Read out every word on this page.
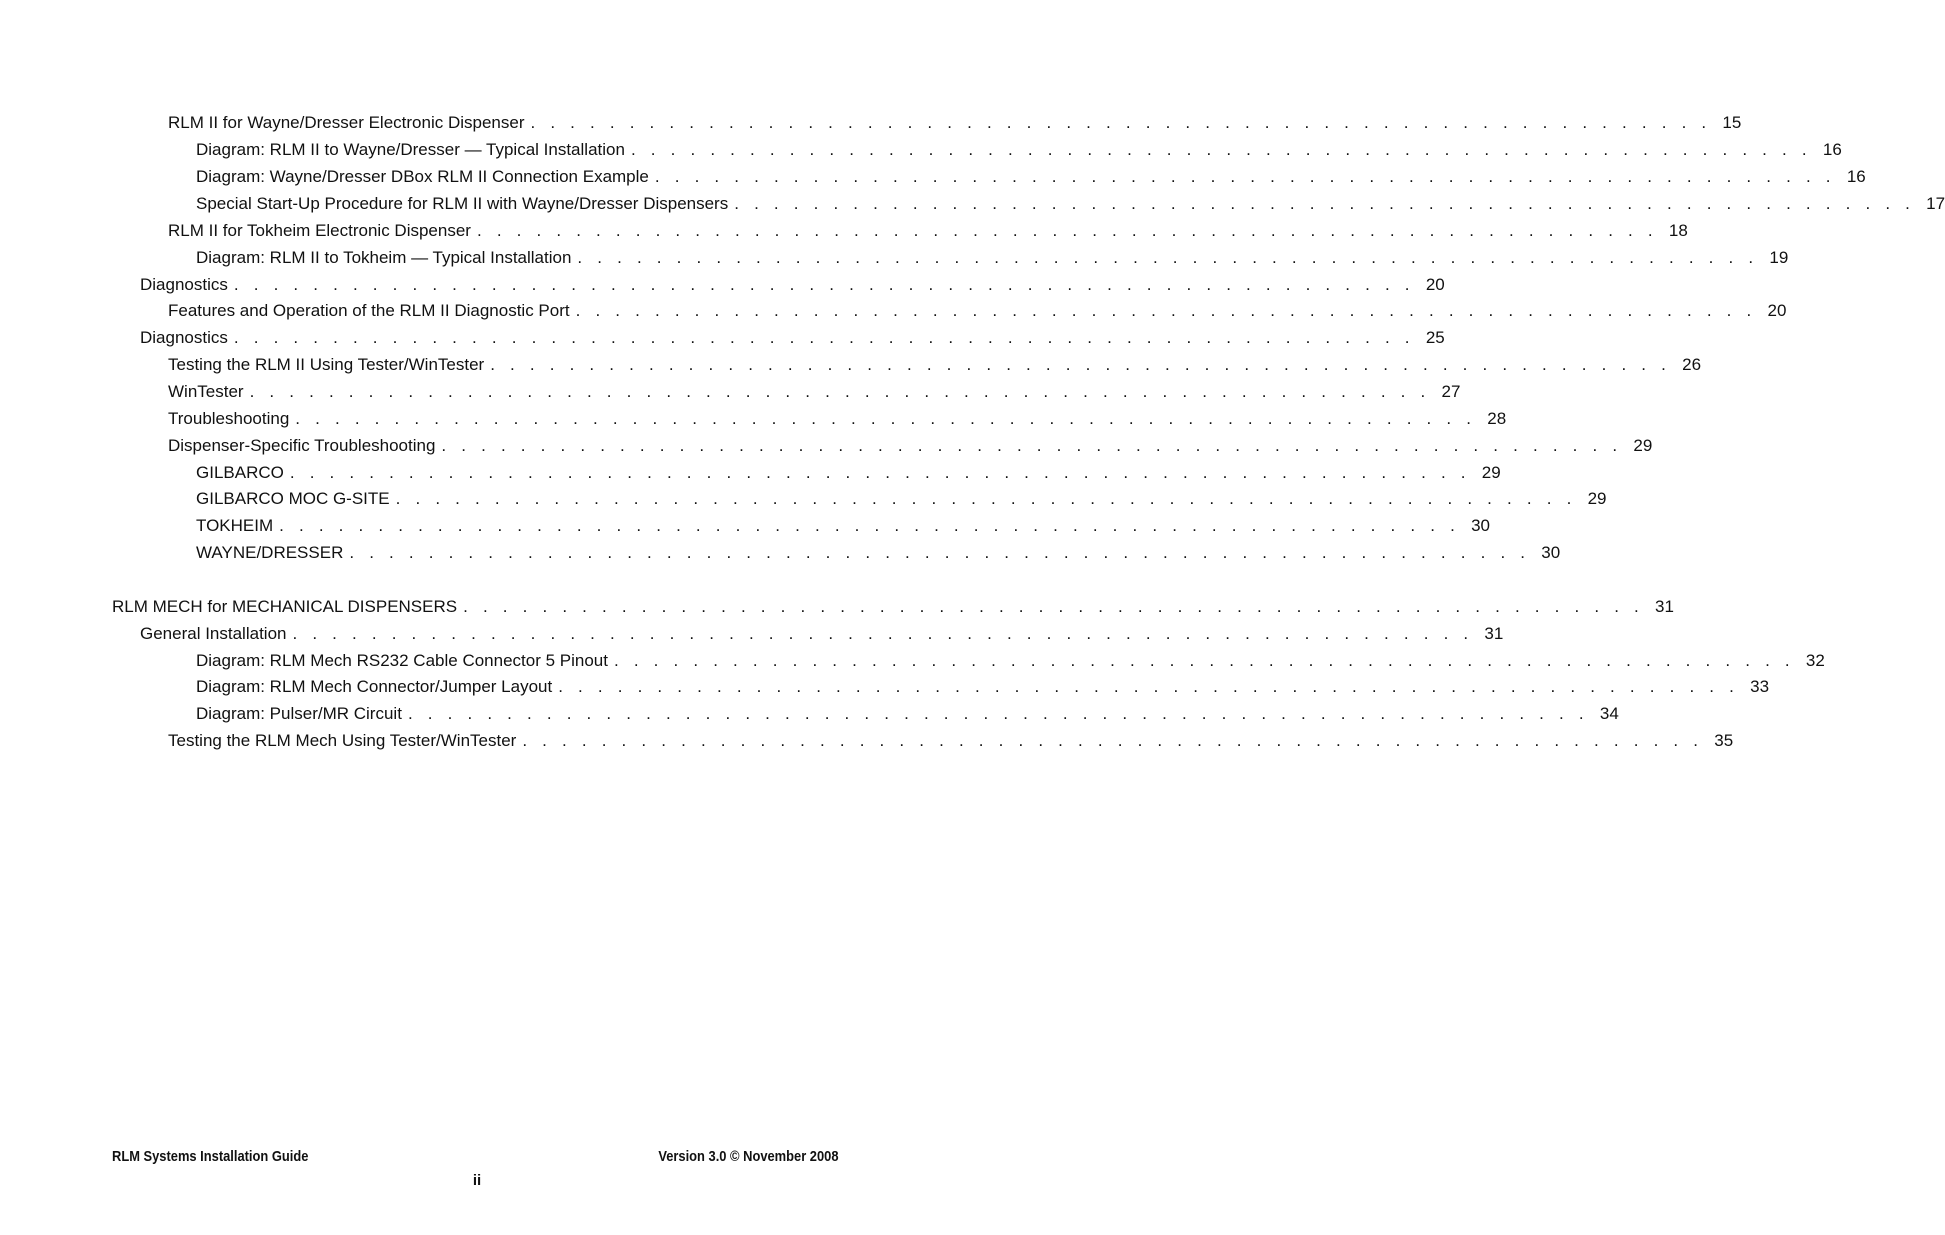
RLM II for Wayne/Dresser Electronic Dispenser . . . . . . . . . . . . . . . . . . . . . . . . . . . . . . . . . . . . . . . . . . . . . . . . . . . . . . . . . . . . 15
Diagram: RLM II to Wayne/Dresser — Typical Installation . . . . . . . . . . . . . . . . . . . . . . . . . . . . . . . . . . . . . . . . . . . . . . . . . . . . . . . . . . . . 16
Diagram: Wayne/Dresser DBox RLM II Connection Example . . . . . . . . . . . . . . . . . . . . . . . . . . . . . . . . . . . . . . . . . . . . . . . . . . . . . . . . . . . . 16
Special Start-Up Procedure for RLM II with Wayne/Dresser Dispensers . . . . . . . . . . . . . . . . . . . . . . . . . . . . . . . . . . . . . . . . . . . . . . . . . . . . . . . . . . . . 17
RLM II for Tokheim Electronic Dispenser . . . . . . . . . . . . . . . . . . . . . . . . . . . . . . . . . . . . . . . . . . . . . . . . . . . . . . . . . . . . 18
Diagram: RLM II to Tokheim — Typical Installation . . . . . . . . . . . . . . . . . . . . . . . . . . . . . . . . . . . . . . . . . . . . . . . . . . . . . . . . . . . . 19
Diagnostics . . . . . . . . . . . . . . . . . . . . . . . . . . . . . . . . . . . . . . . . . . . . . . . . . . . . . . . . . . . . 20
Features and Operation of the RLM II Diagnostic Port . . . . . . . . . . . . . . . . . . . . . . . . . . . . . . . . . . . . . . . . . . . . . . . . . . . . . . . . . . . . 20
Diagnostics . . . . . . . . . . . . . . . . . . . . . . . . . . . . . . . . . . . . . . . . . . . . . . . . . . . . . . . . . . . . 25
Testing the RLM II Using Tester/WinTester . . . . . . . . . . . . . . . . . . . . . . . . . . . . . . . . . . . . . . . . . . . . . . . . . . . . . . . . . . . . 26
WinTester . . . . . . . . . . . . . . . . . . . . . . . . . . . . . . . . . . . . . . . . . . . . . . . . . . . . . . . . . . . . 27
Troubleshooting . . . . . . . . . . . . . . . . . . . . . . . . . . . . . . . . . . . . . . . . . . . . . . . . . . . . . . . . . . . . 28
Dispenser-Specific Troubleshooting . . . . . . . . . . . . . . . . . . . . . . . . . . . . . . . . . . . . . . . . . . . . . . . . . . . . . . . . . . . . 29
GILBARCO . . . . . . . . . . . . . . . . . . . . . . . . . . . . . . . . . . . . . . . . . . . . . . . . . . . . . . . . . . . . 29
GILBARCO MOC G-SITE . . . . . . . . . . . . . . . . . . . . . . . . . . . . . . . . . . . . . . . . . . . . . . . . . . . . . . . . . . . . 29
TOKHEIM . . . . . . . . . . . . . . . . . . . . . . . . . . . . . . . . . . . . . . . . . . . . . . . . . . . . . . . . . . . . 30
WAYNE/DRESSER . . . . . . . . . . . . . . . . . . . . . . . . . . . . . . . . . . . . . . . . . . . . . . . . . . . . . . . . . . . . 30
RLM MECH for MECHANICAL DISPENSERS . . . . . . . . . . . . . . . . . . . . . . . . . . . . . . . . . . . . . . . . . . . . . . . . . . . . . . . . . . . . 31
General Installation . . . . . . . . . . . . . . . . . . . . . . . . . . . . . . . . . . . . . . . . . . . . . . . . . . . . . . . . . . . . 31
Diagram: RLM Mech RS232 Cable Connector 5 Pinout . . . . . . . . . . . . . . . . . . . . . . . . . . . . . . . . . . . . . . . . . . . . . . . . . . . . . . . . . . . . 32
Diagram: RLM Mech Connector/Jumper Layout . . . . . . . . . . . . . . . . . . . . . . . . . . . . . . . . . . . . . . . . . . . . . . . . . . . . . . . . . . . . 33
Diagram: Pulser/MR Circuit . . . . . . . . . . . . . . . . . . . . . . . . . . . . . . . . . . . . . . . . . . . . . . . . . . . . . . . . . . . . 34
Testing the RLM Mech Using Tester/WinTester . . . . . . . . . . . . . . . . . . . . . . . . . . . . . . . . . . . . . . . . . . . . . . . . . . . . . . . . . . . . 35
RLM Systems Installation Guide	Version 3.0 © November 2008
ii
